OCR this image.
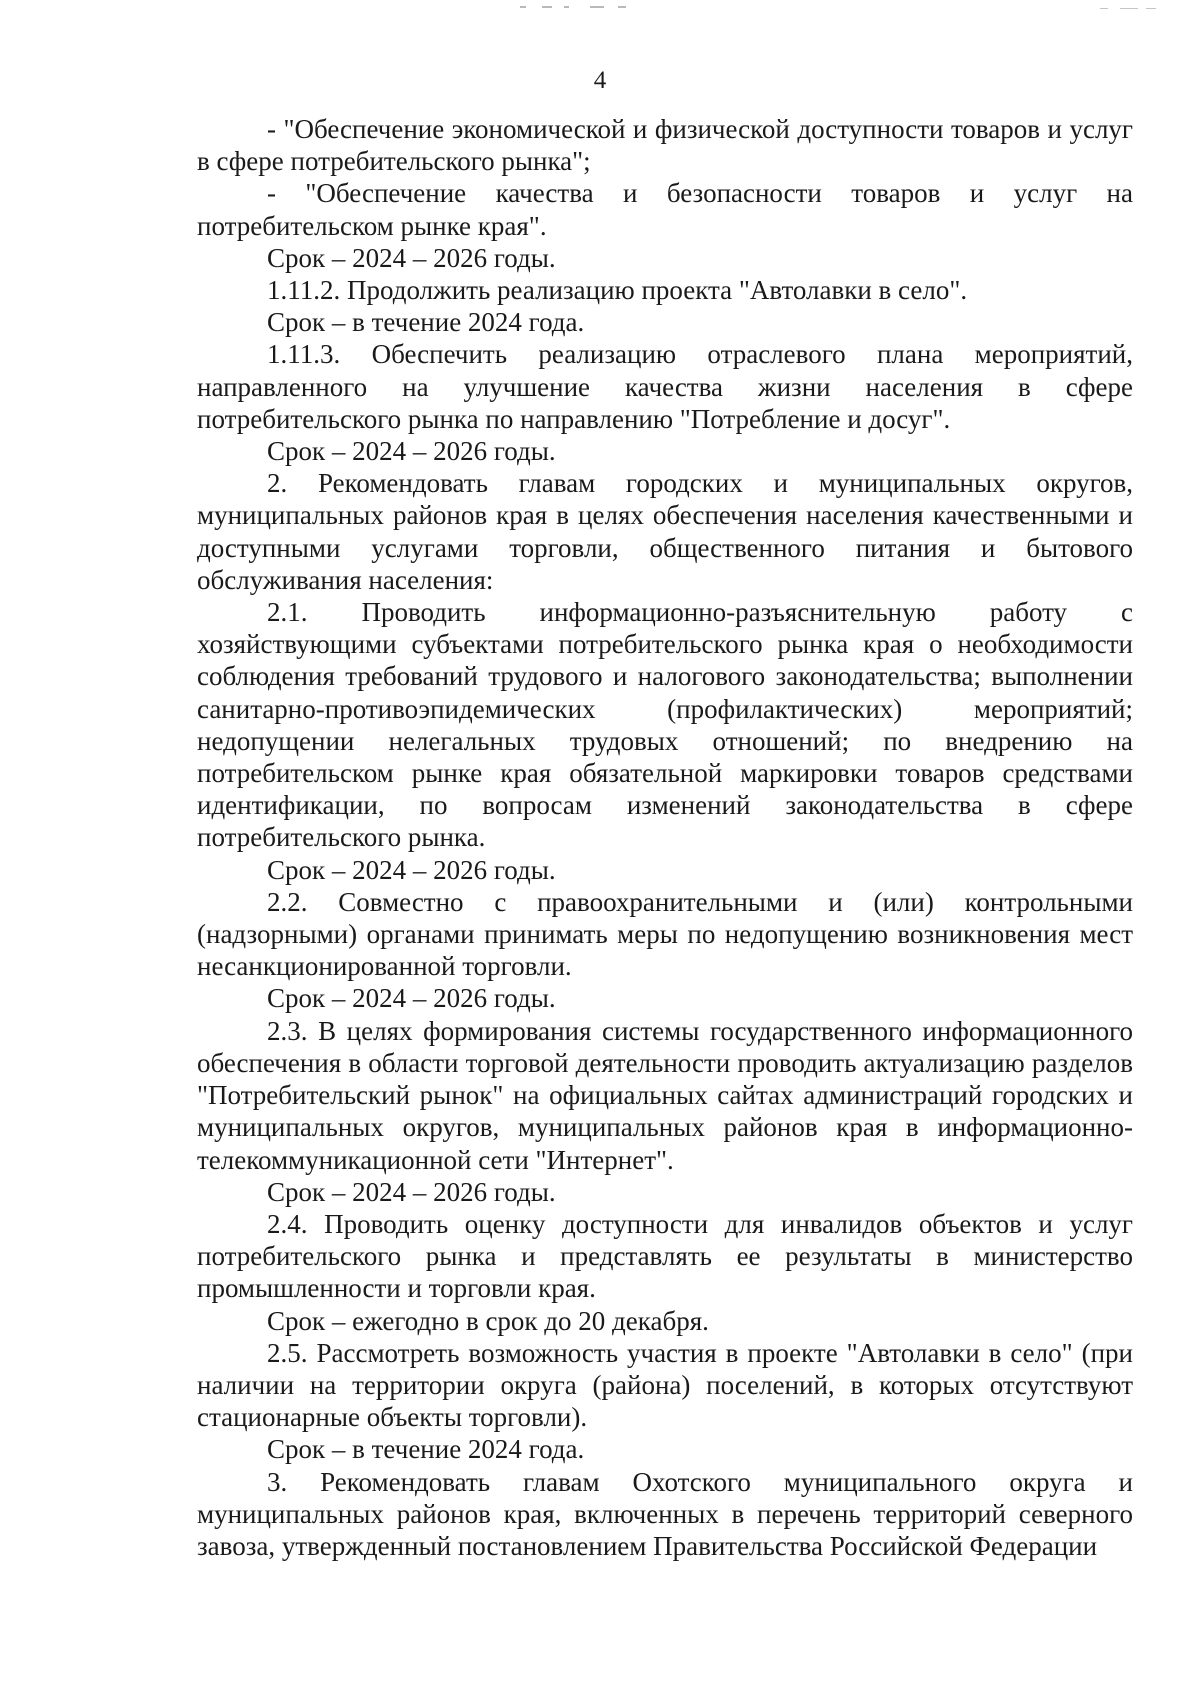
4

- "Обеспечение экономической и физической доступности товаров и услуг в сфере потребительского рынка";

- "Обеспечение качества и безопасности товаров и услуг на потребительском рынке края".

Срок – 2024 – 2026 годы.

1.11.2. Продолжить реализацию проекта "Автолавки в село".

Срок – в течение 2024 года.

1.11.3. Обеспечить реализацию отраслевого плана мероприятий, направленного на улучшение качества жизни населения в сфере потребительского рынка по направлению "Потребление и досуг".

Срок – 2024 – 2026 годы.

2. Рекомендовать главам городских и муниципальных округов, муниципальных районов края в целях обеспечения населения качественными и доступными услугами торговли, общественного питания и бытового обслуживания населения:

2.1. Проводить информационно-разъяснительную работу с хозяйствующими субъектами потребительского рынка края о необходимости соблюдения требований трудового и налогового законодательства; выполнении санитарно-противоэпидемических (профилактических) мероприятий; недопущении нелегальных трудовых отношений; по внедрению на потребительском рынке края обязательной маркировки товаров средствами идентификации, по вопросам изменений законодательства в сфере потребительского рынка.

Срок – 2024 – 2026 годы.

2.2. Совместно с правоохранительными и (или) контрольными (надзорными) органами принимать меры по недопущению возникновения мест несанкционированной торговли.

Срок – 2024 – 2026 годы.

2.3. В целях формирования системы государственного информационного обеспечения в области торговой деятельности проводить актуализацию разделов "Потребительский рынок" на официальных сайтах администраций городских и муниципальных округов, муниципальных районов края в информационно-телекоммуникационной сети "Интернет".

Срок – 2024 – 2026 годы.

2.4. Проводить оценку доступности для инвалидов объектов и услуг потребительского рынка и представлять ее результаты в министерство промышленности и торговли края.

Срок – ежегодно в срок до 20 декабря.

2.5. Рассмотреть возможность участия в проекте "Автолавки в село" (при наличии на территории округа (района) поселений, в которых отсутствуют стационарные объекты торговли).

Срок – в течение 2024 года.

3. Рекомендовать главам Охотского муниципального округа и муниципальных районов края, включенных в перечень территорий северного завоза, утвержденный постановлением Правительства Российской Федерации
